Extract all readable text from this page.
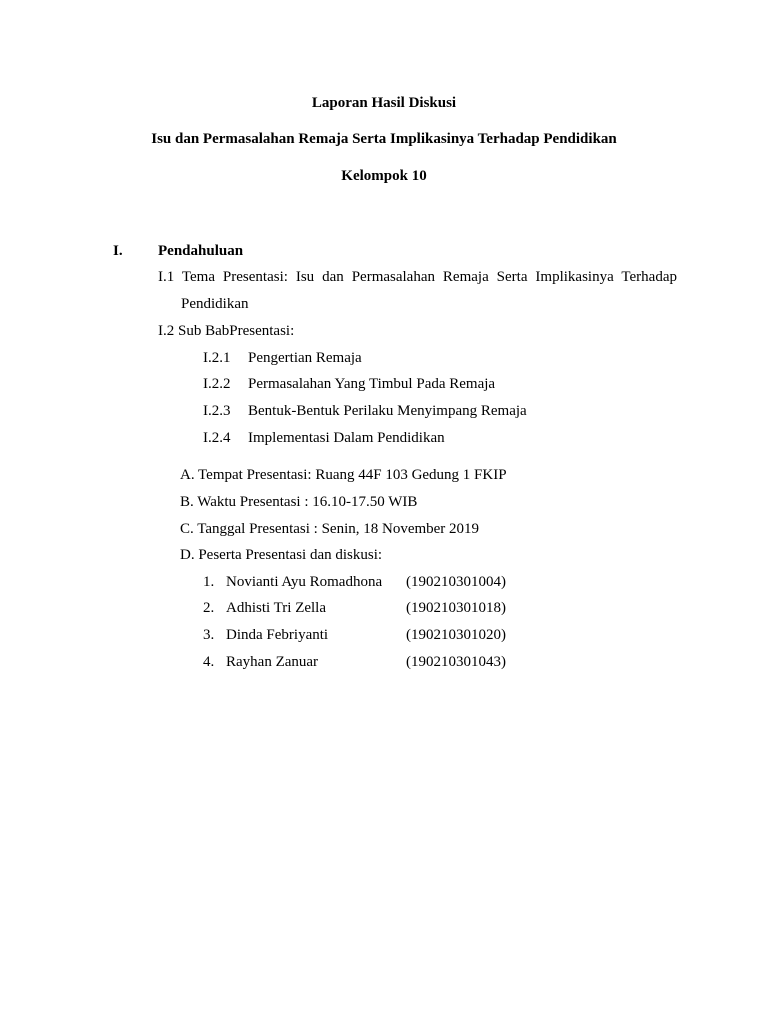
Laporan Hasil Diskusi
Isu dan Permasalahan Remaja Serta Implikasinya Terhadap Pendidikan
Kelompok 10
I. Pendahuluan
I.1 Tema Presentasi: Isu dan Permasalahan Remaja Serta Implikasinya Terhadap
Pendidikan
I.2 Sub BabPresentasi:
I.2.1 Pengertian Remaja
I.2.2 Permasalahan Yang Timbul Pada Remaja
I.2.3 Bentuk-Bentuk Perilaku Menyimpang Remaja
I.2.4 Implementasi Dalam Pendidikan
A. Tempat Presentasi: Ruang 44F 103 Gedung 1 FKIP
B. Waktu Presentasi : 16.10-17.50 WIB
C. Tanggal Presentasi : Senin, 18 November 2019
D. Peserta Presentasi dan diskusi:
1. Novianti Ayu Romadhona (190210301004)
2. Adhisti Tri Zella	(190210301018)
3. Dinda Febriyanti	(190210301020)
4. Rayhan Zanuar	(190210301043)
